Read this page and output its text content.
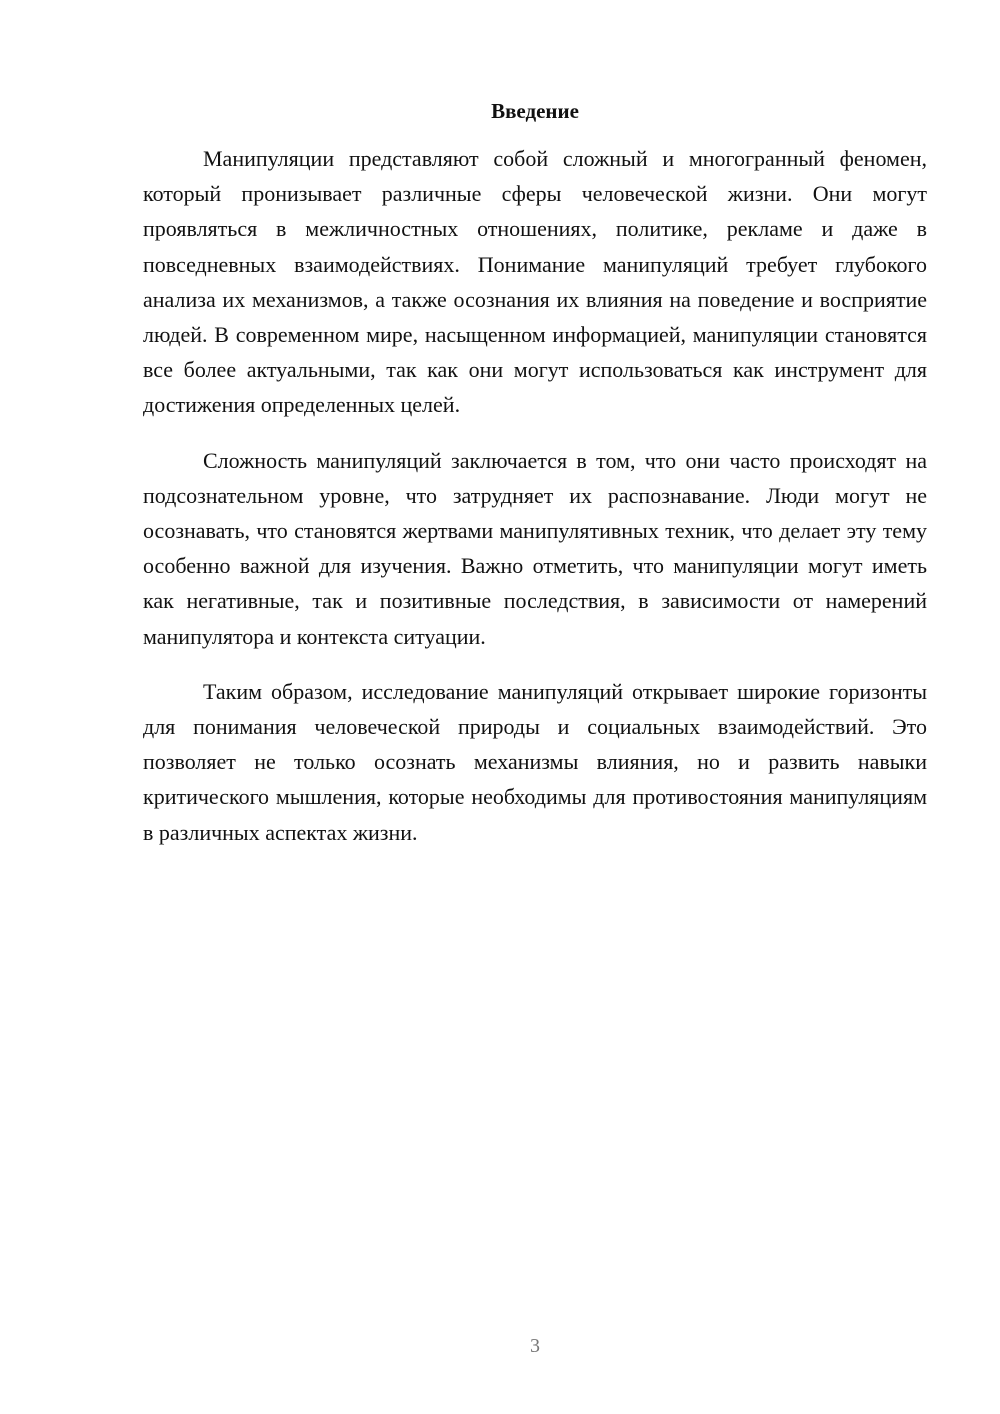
Введение

Манипуляции представляют собой сложный и многогранный феномен, который пронизывает различные сферы человеческой жизни. Они могут проявляться в межличностных отношениях, политике, рекламе и даже в повседневных взаимодействиях. Понимание манипуляций требует глубокого анализа их механизмов, а также осознания их влияния на поведение и восприятие людей. В современном мире, насыщенном информацией, манипуляции становятся все более актуальными, так как они могут использоваться как инструмент для достижения определенных целей.

Сложность манипуляций заключается в том, что они часто происходят на подсознательном уровне, что затрудняет их распознавание. Люди могут не осознавать, что становятся жертвами манипулятивных техник, что делает эту тему особенно важной для изучения. Важно отметить, что манипуляции могут иметь как негативные, так и позитивные последствия, в зависимости от намерений манипулятора и контекста ситуации.

Таким образом, исследование манипуляций открывает широкие горизонты для понимания человеческой природы и социальных взаимодействий. Это позволяет не только осознать механизмы влияния, но и развить навыки критического мышления, которые необходимы для противостояния манипуляциям в различных аспектах жизни.

3
